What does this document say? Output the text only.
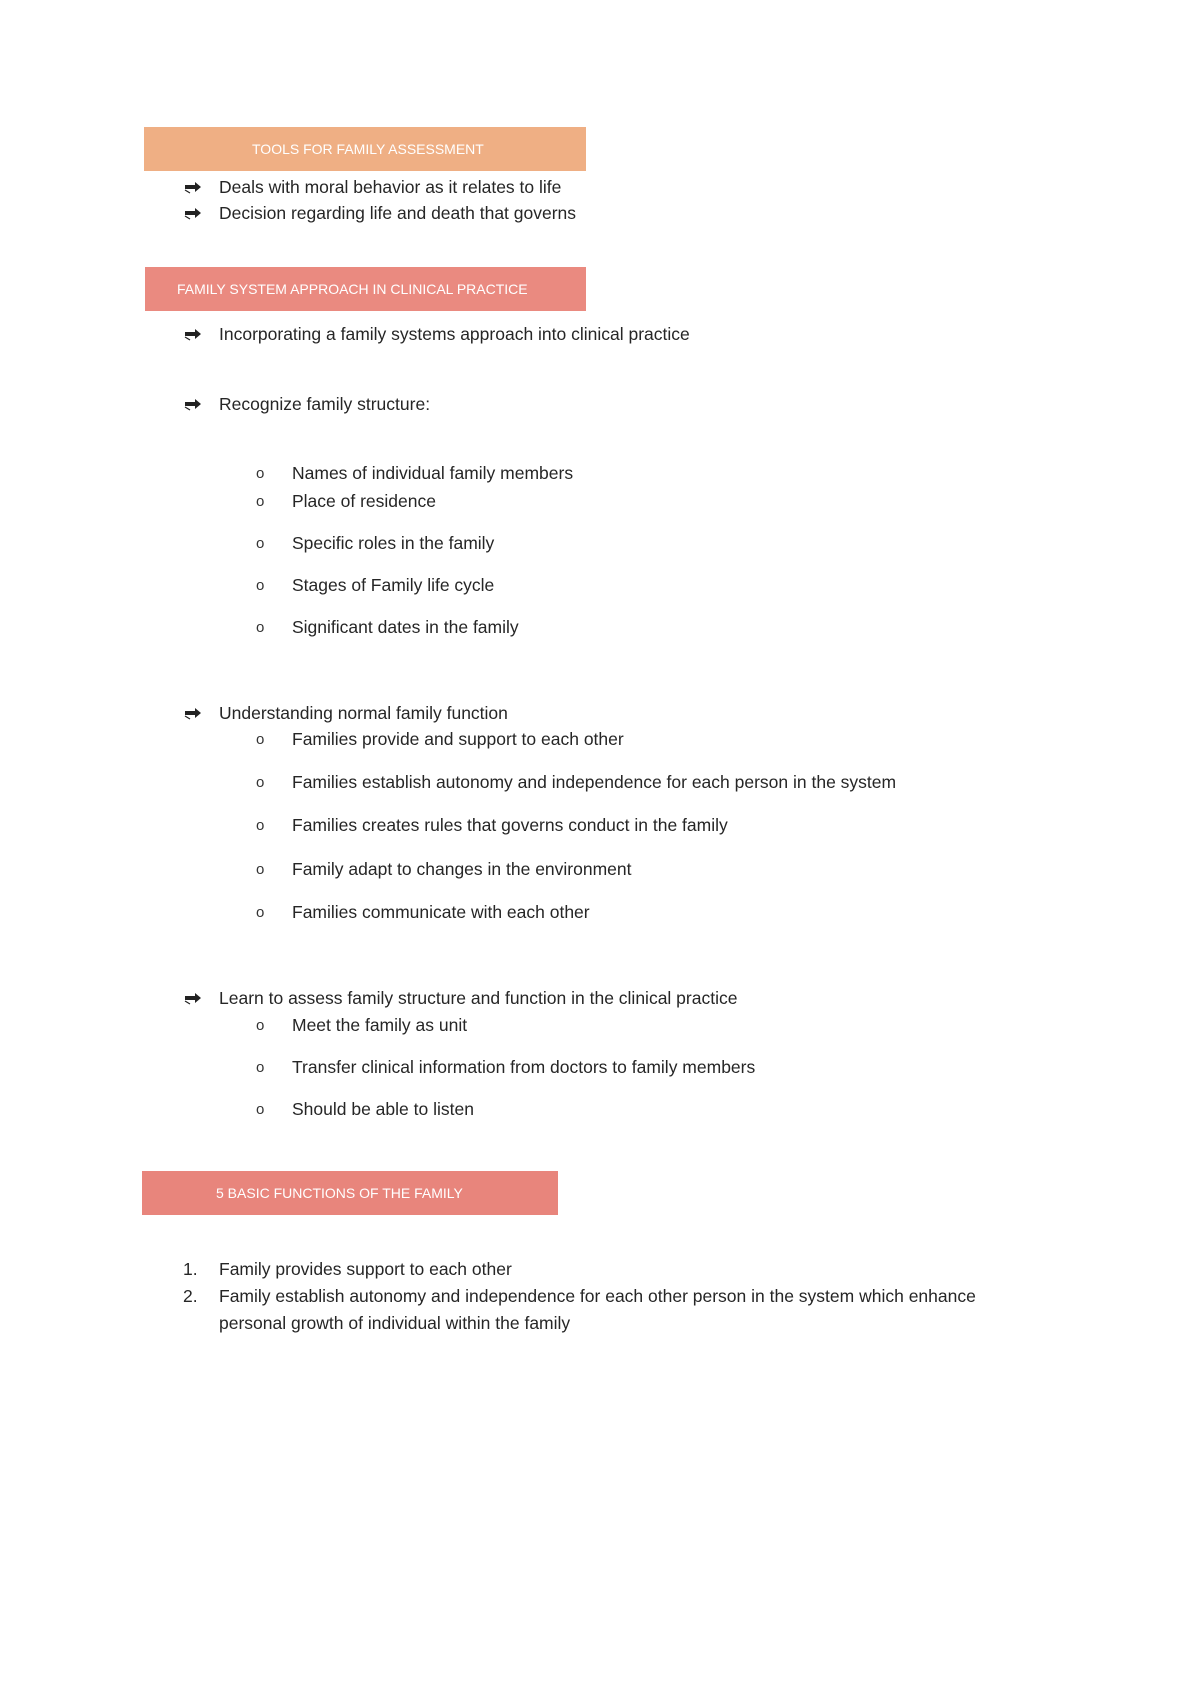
TOOLS FOR FAMILY ASSESSMENT
Deals with moral behavior as it relates to life
Decision regarding life and death that governs
FAMILY SYSTEM APPROACH IN CLINICAL PRACTICE
Incorporating a family systems approach into clinical practice
Recognize family structure:
o Names of individual family members
o Place of residence
o Specific roles in the family
o Stages of Family life cycle
o Significant dates in the family
Understanding normal family function
o Families provide and support to each other
o Families establish autonomy and independence for each person in the system
o Families creates rules that governs conduct in the family
o Family adapt to changes in the environment
o Families communicate with each other
Learn to assess family structure and function in the clinical practice
o Meet the family as unit
o Transfer clinical information from doctors to family members
o Should be able to listen
5 BASIC FUNCTIONS OF THE FAMILY
1. Family provides support to each other
2. Family establish autonomy and independence for each other person in the system which enhance
personal growth of individual within the family
